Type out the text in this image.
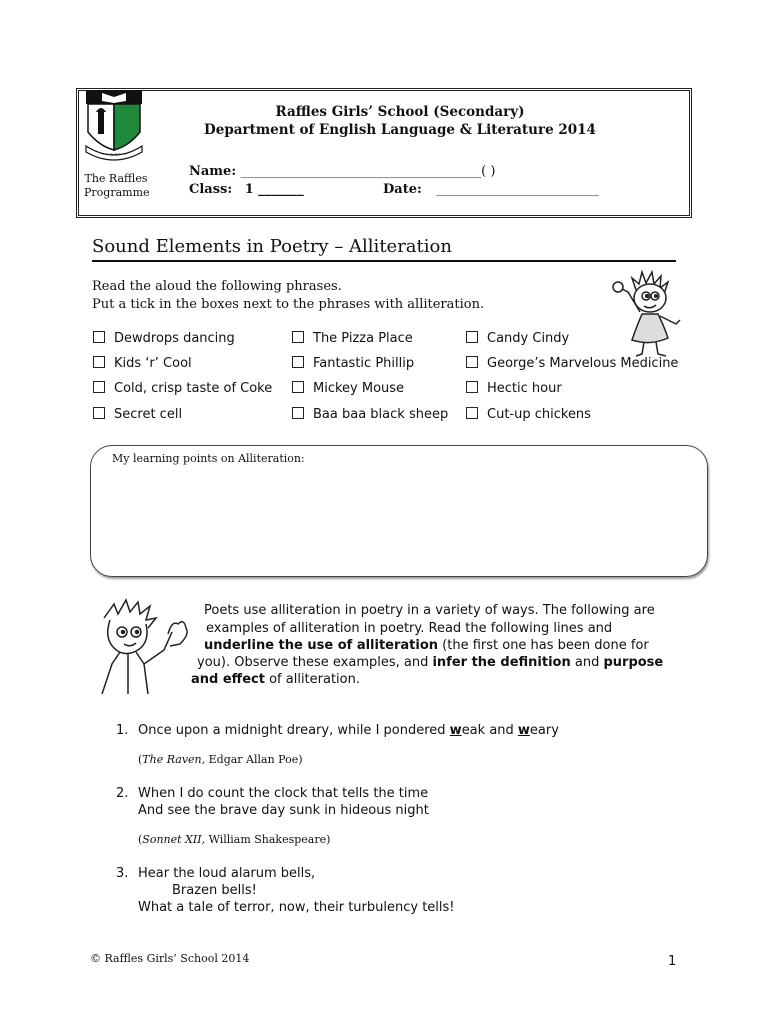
~~~~~~
The Raffles
Programme
Raffles Girls’ School (Secondary)
Department of English Language & Literature 2014
Name: _____________________________________( )
Class: 1 _______	Date: _________________________
Sound Elements in Poetry – Alliteration
Read the aloud the following phrases.
Put a tick in the boxes next to the phrases with alliteration.
Dewdrops dancing	The Pizza Place	Candy Cindy
Kids ‘r’ Cool	Fantastic Phillip	George’s Marvelous Medicine
Cold, crisp taste of Coke	Mickey Mouse	Hectic hour
Secret cell	Baa baa black sheep	Cut-up chickens
My learning points on Alliteration:
Poets use alliteration in poetry in a variety of ways. The following are
examples of alliteration in poetry. Read the following lines and
underline the use of alliteration (the first one has been done for
you). Observe these examples, and infer the definition and purpose
and effect of alliteration.
1. Once upon a midnight dreary, while I pondered weak and weary
(The Raven, Edgar Allan Poe)
2. When I do count the clock that tells the time
And see the brave day sunk in hideous night
(Sonnet XII, William Shakespeare)
3. Hear the loud alarum bells,
Brazen bells!
What a tale of terror, now, their turbulency tells!
© Raffles Girls’ School 2014	1
